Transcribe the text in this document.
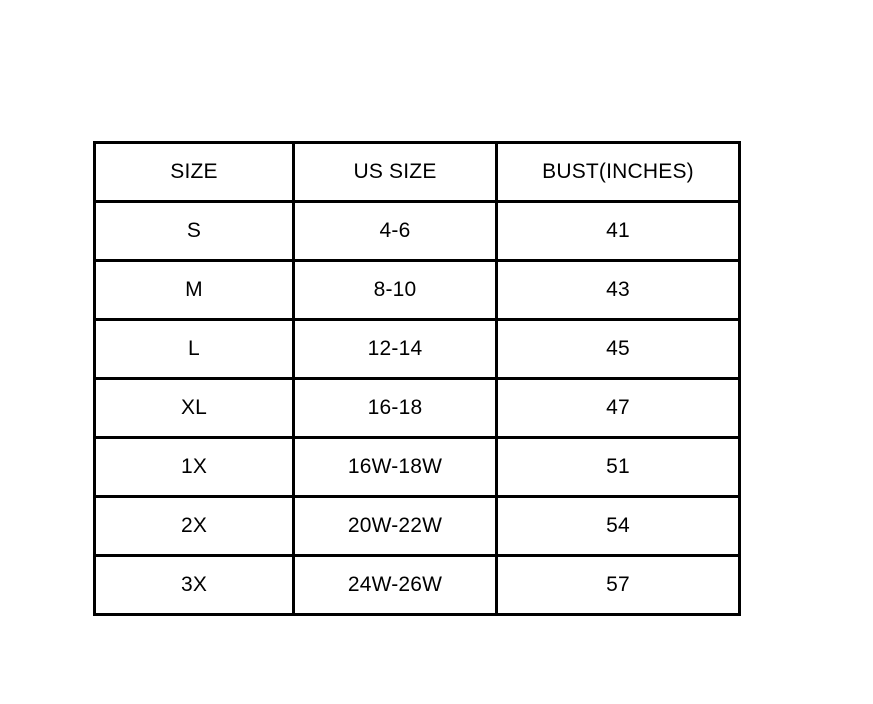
SIZE	US SIZE	BUST(INCHES)
S	4-6	41
M	8-10	43
L	12-14	45
XL	16-18	47
1X	16W-18W	51
2X	20W-22W	54
3X	24W-26W	57
